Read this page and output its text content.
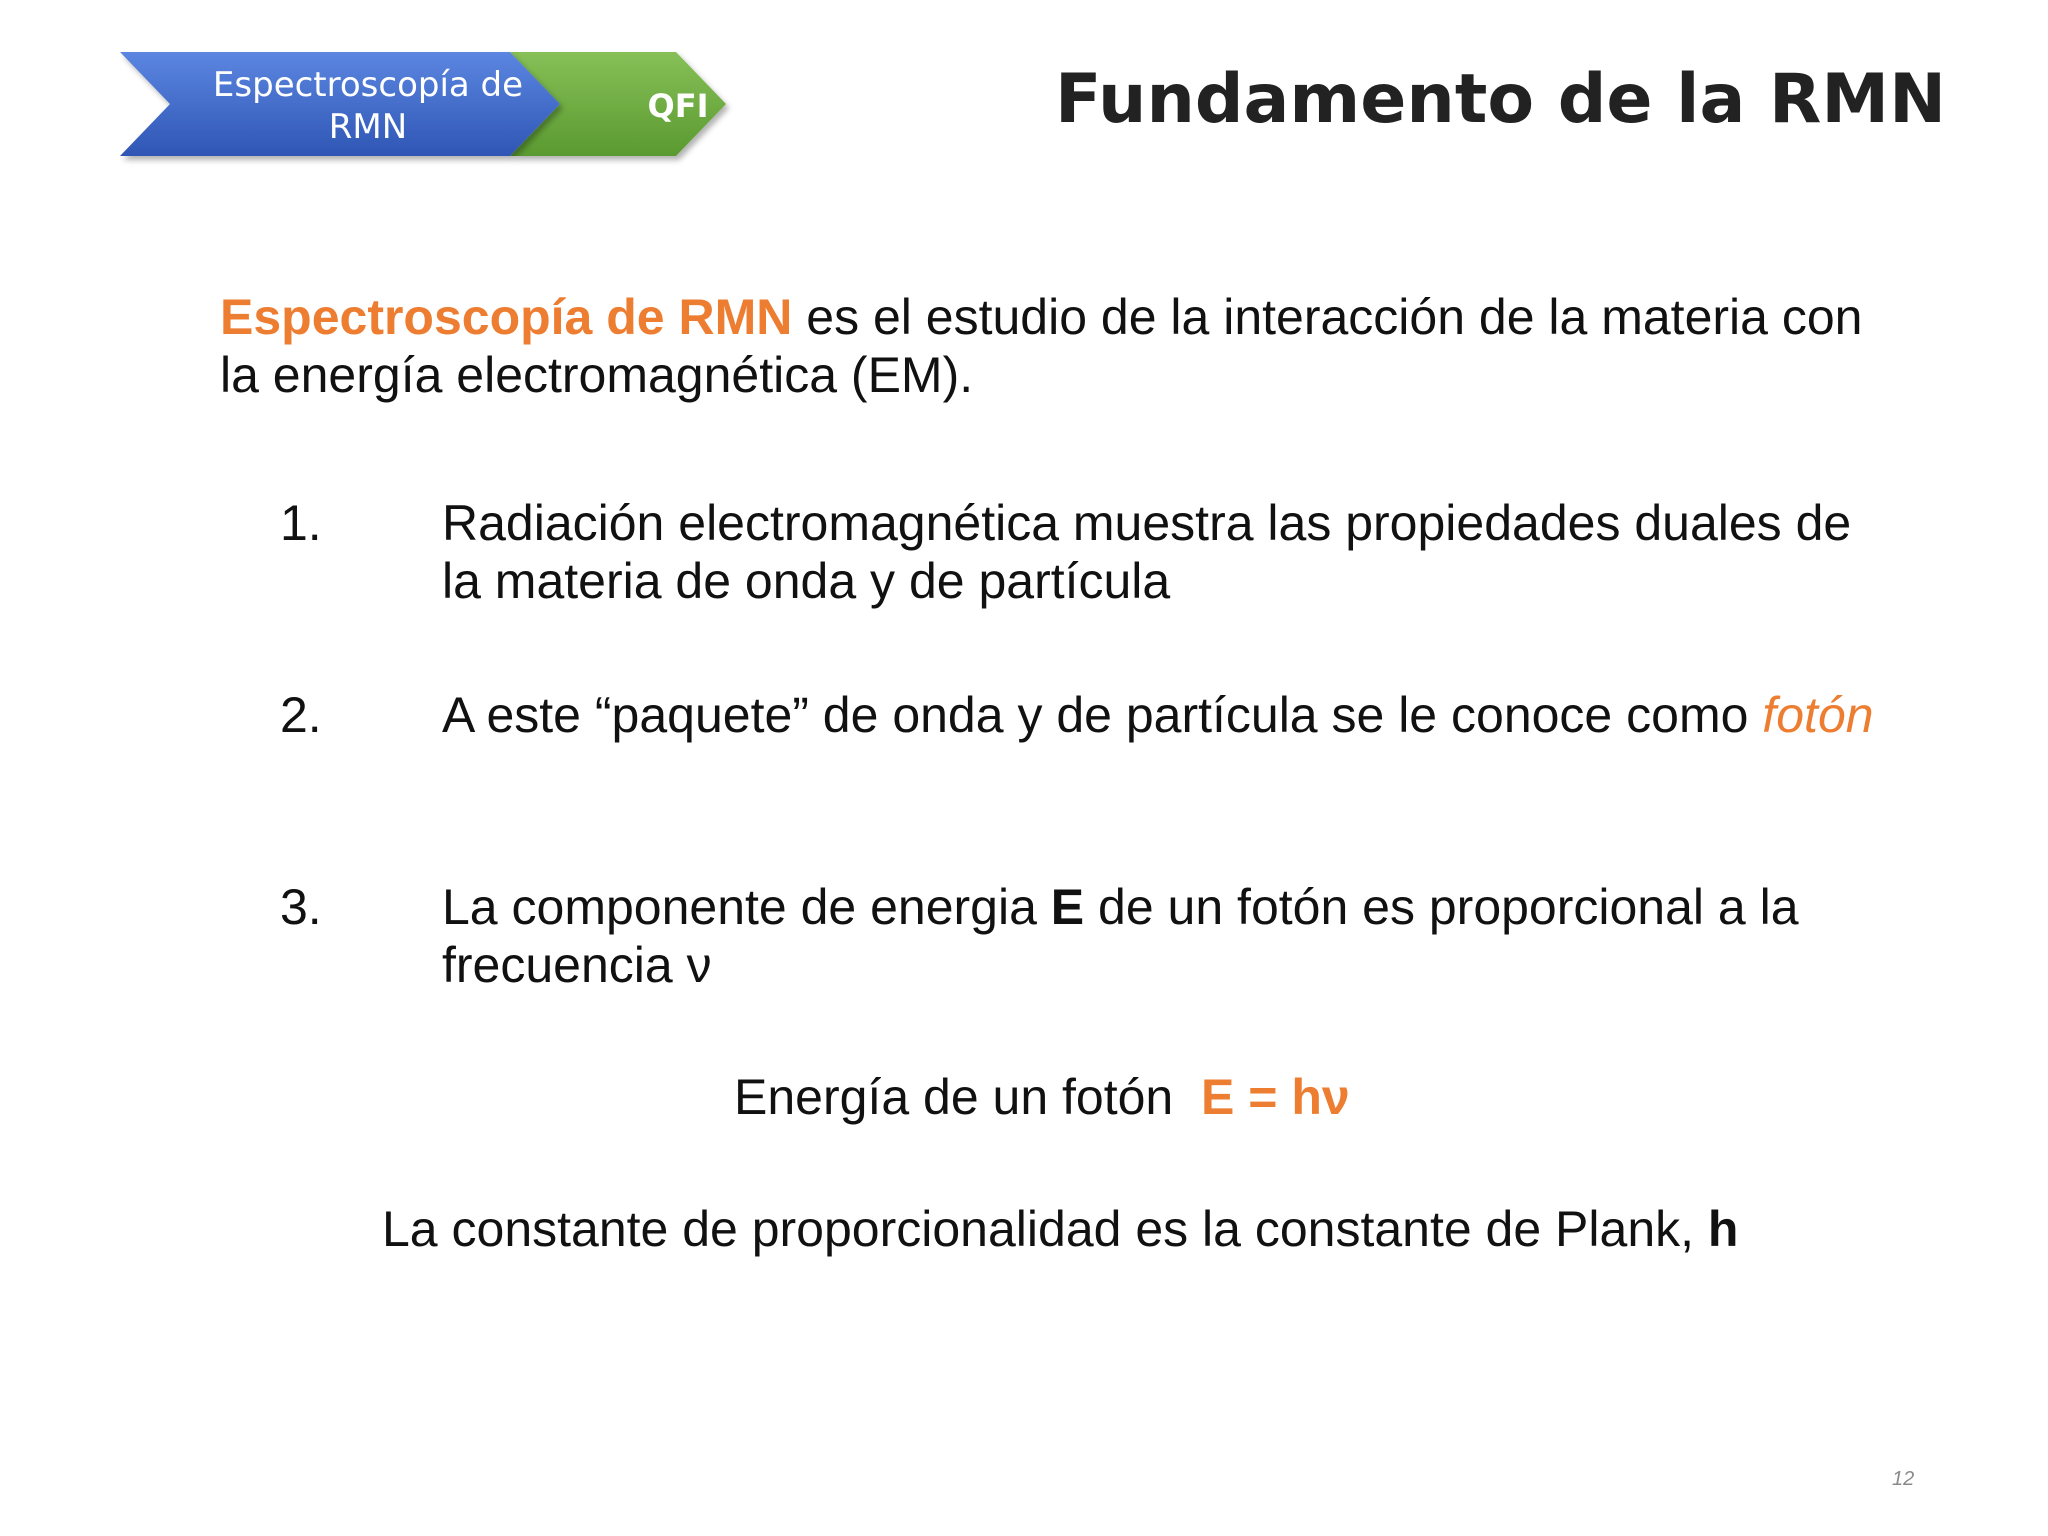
Espectroscopía de
RMN
QFI	Fundamento de la RMN

Espectroscopía de RMN es el estudio de la interacción de la materia con la energía electromagnética (EM).

1.	Radiación electromagnética muestra las propiedades duales de la materia de onda y de partícula
2.	A este “paquete” de onda y de partícula se le conoce como fotón
3.	La componente de energia E de un fotón es proporcional a la frecuencia ν
Energía de un fotón  E = hν
La constante de proporcionalidad es la constante de Plank, h
12
